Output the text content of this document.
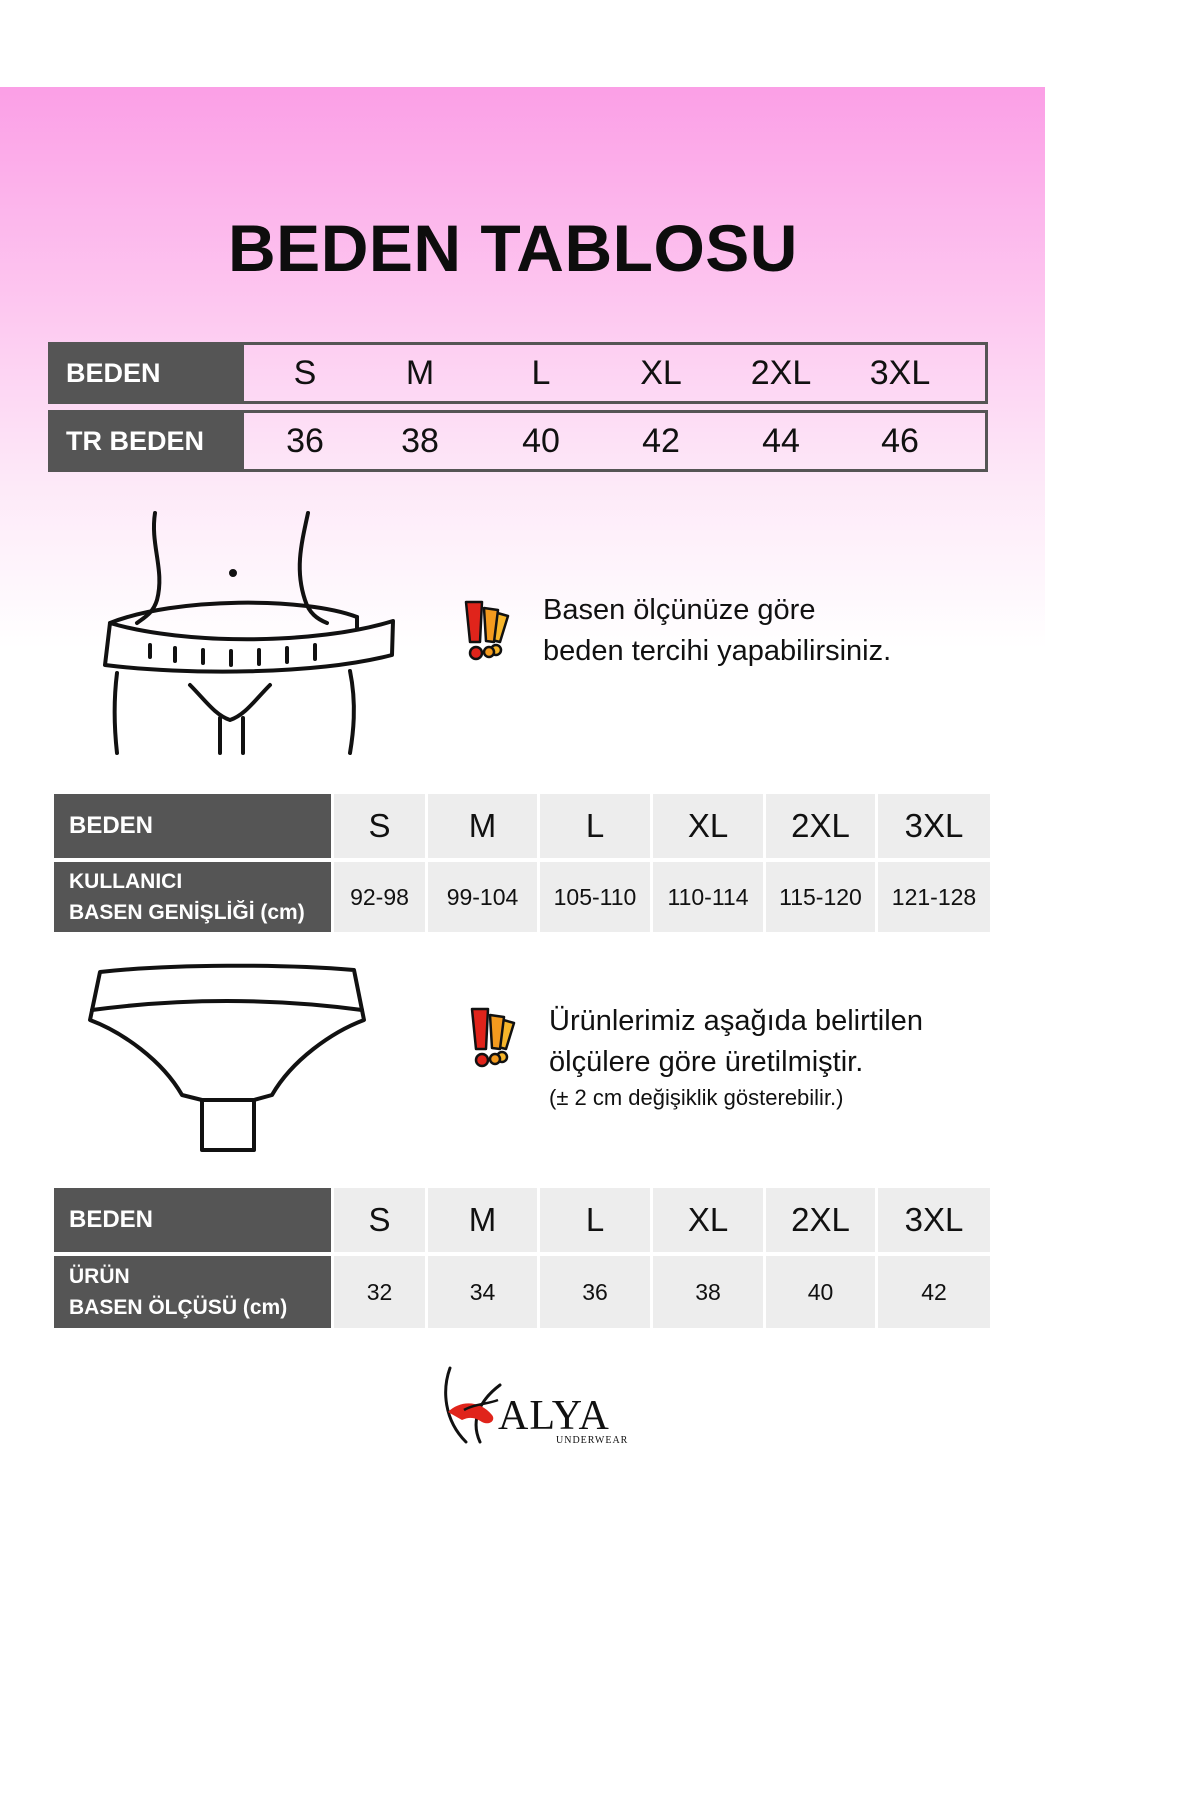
BEDEN TABLOSU
BEDEN	S	M	L	XL	2XL	3XL
TR BEDEN	36	38	40	42	44	46
Basen ölçünüze göre
beden tercihi yapabilirsiniz.
BEDEN	S	M	L	XL	2XL	3XL
KULLANICI
BASEN GENİŞLİĞİ (cm)
92-98	99-104	105-110	110-114	115-120	121-128
Ürünlerimiz aşağıda belirtilen
ölçülere göre üretilmiştir.
(± 2 cm değişiklik gösterebilir.)
BEDEN	S	M	L	XL	2XL	3XL
ÜRÜN
BASEN ÖLÇÜSÜ (cm)
32	34	36	38	40	42
ALYA
UNDERWEAR
